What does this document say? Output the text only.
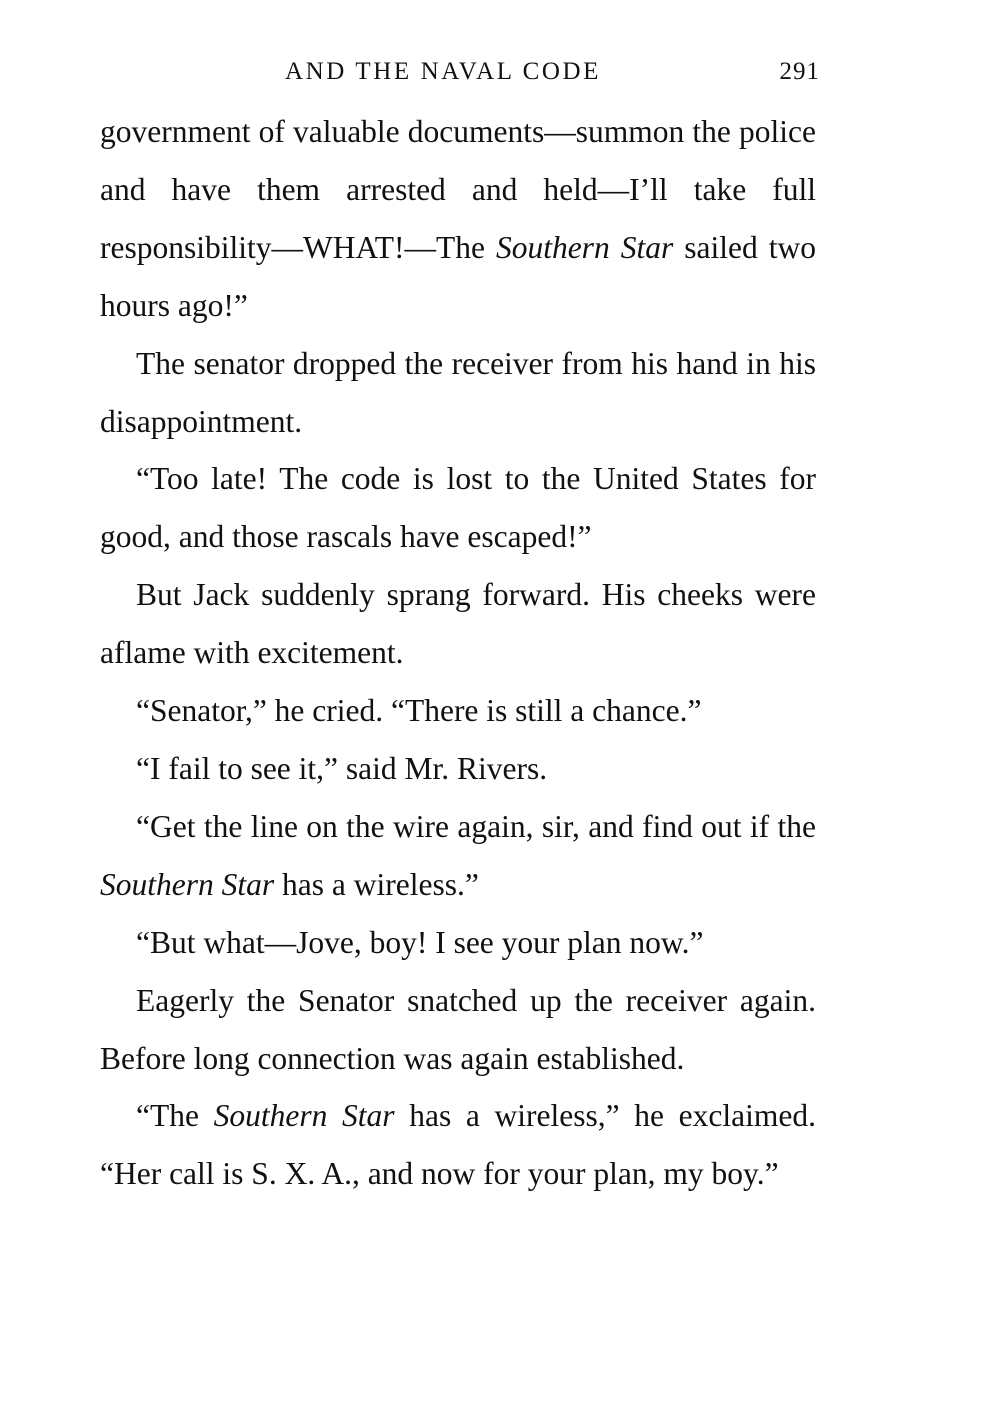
AND THE NAVAL CODE	291

government of valuable documents—summon the police and have them arrested and held—I’ll take full responsibility—WHAT!—The Southern Star sailed two hours ago!”

The senator dropped the receiver from his hand in his disappointment.

“Too late! The code is lost to the United States for good, and those rascals have escaped!”

But Jack suddenly sprang forward. His cheeks were aflame with excitement.

“Senator,” he cried. “There is still a chance.”

“I fail to see it,” said Mr. Rivers.

“Get the line on the wire again, sir, and find out if the Southern Star has a wireless.”

“But what—Jove, boy! I see your plan now.”

Eagerly the Senator snatched up the receiver again. Before long connection was again established.

“The Southern Star has a wireless,” he exclaimed. “Her call is S. X. A., and now for your plan, my boy.”
